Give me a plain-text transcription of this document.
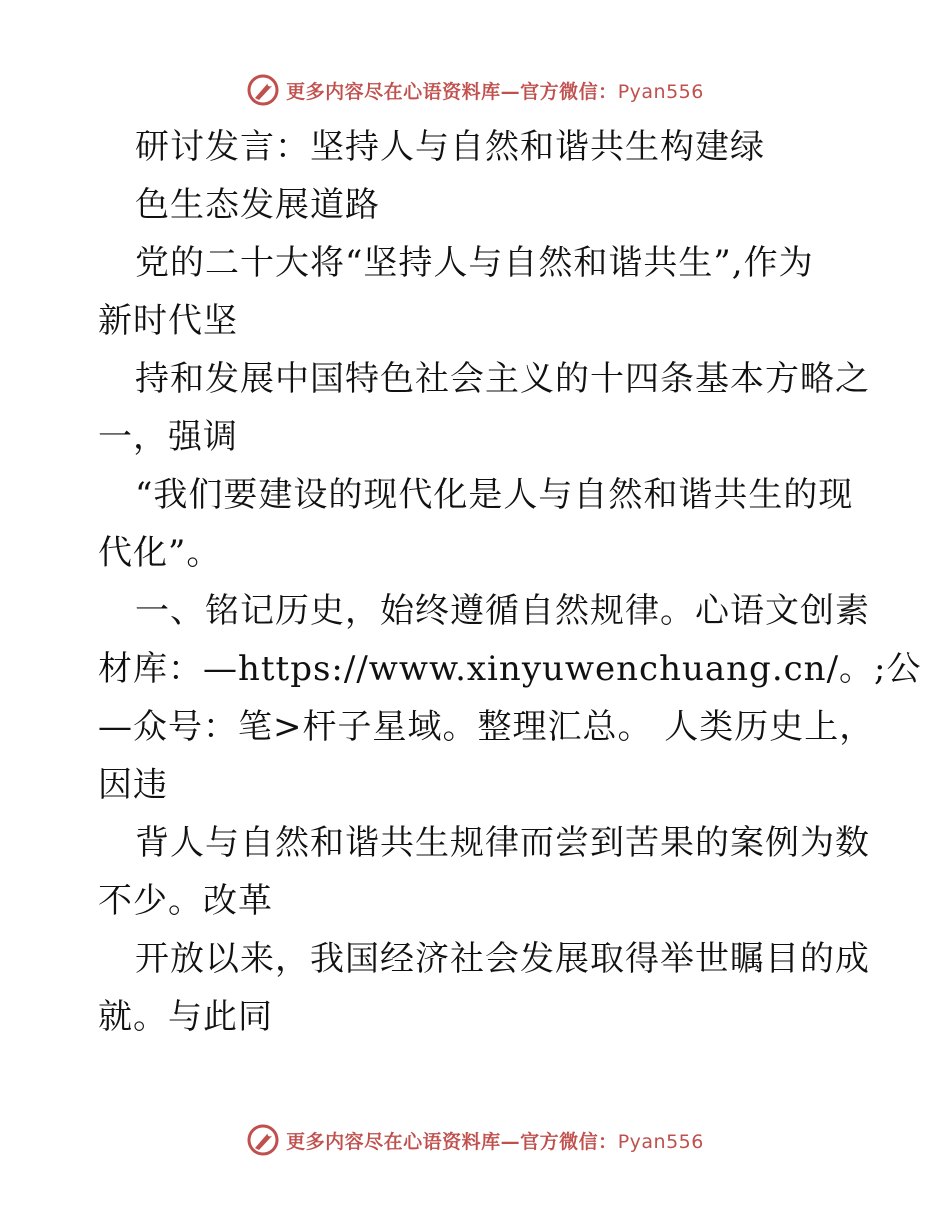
更多内容尽在心语资料库—官方微信：Pyan556
研讨发言：坚持人与自然和谐共生构建绿
色生态发展道路
党的二十大将“坚持人与自然和谐共生”,作为
新时代坚
持和发展中国特色社会主义的十四条基本方略之
一，强调
“我们要建设的现代化是人与自然和谐共生的现
代化”。
一、铭记历史，始终遵循自然规律。心语文创素
材库：—https://www.xinyuwenchuang.cn/。;公
—众号：笔>杆子星域。整理汇总。 人类历史上，
因违
背人与自然和谐共生规律而尝到苦果的案例为数
不少。改革
开放以来，我国经济社会发展取得举世瞩目的成
就。与此同
更多内容尽在心语资料库—官方微信：Pyan556
